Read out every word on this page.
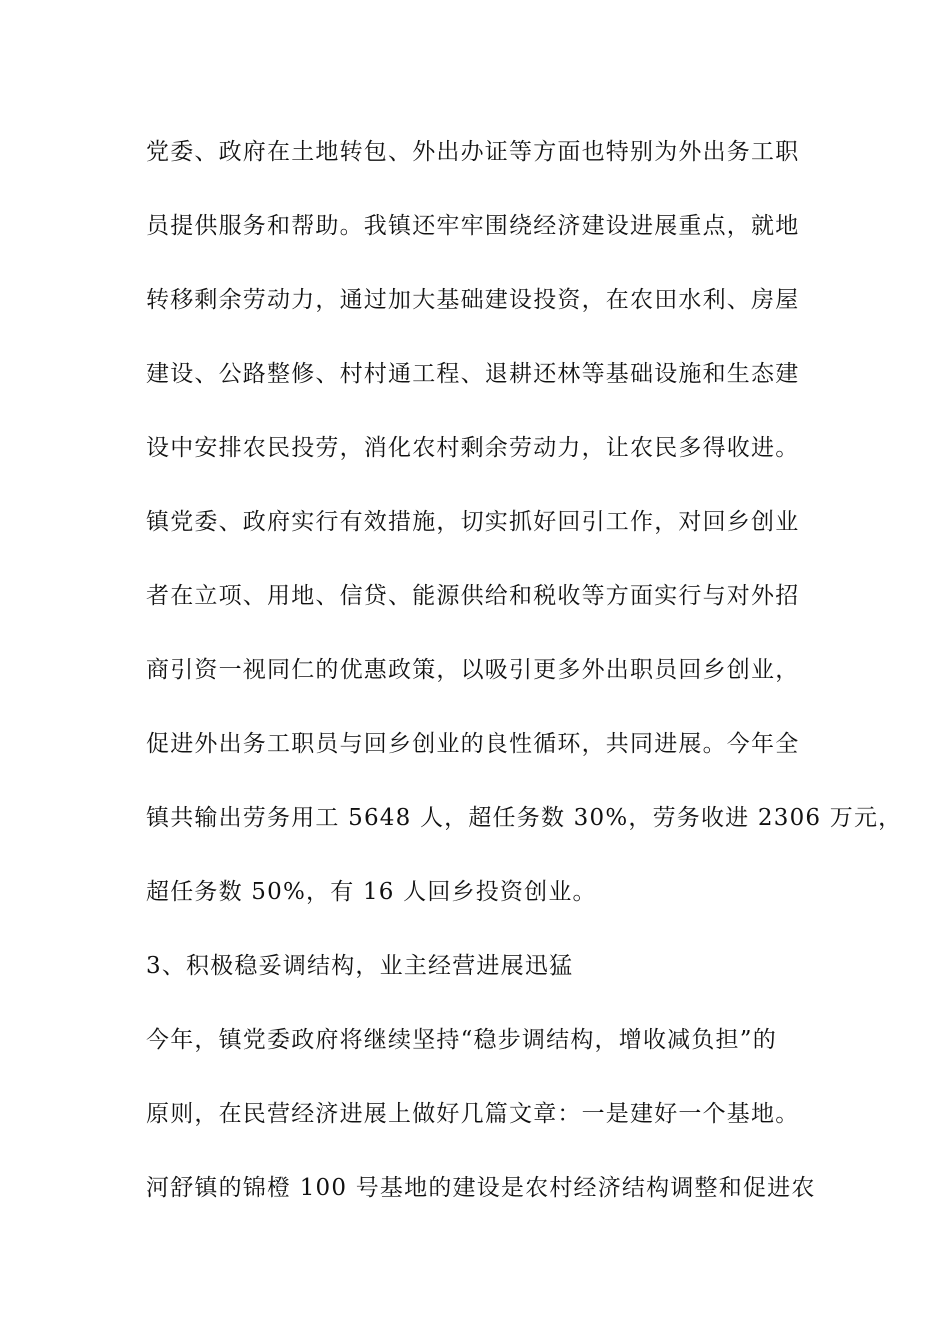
党委、政府在土地转包、外出办证等方面也特别为外出务工职
员提供服务和帮助。我镇还牢牢围绕经济建设进展重点，就地
转移剩余劳动力，通过加大基础建设投资，在农田水利、房屋
建设、公路整修、村村通工程、退耕还林等基础设施和生态建
设中安排农民投劳，消化农村剩余劳动力，让农民多得收进。
镇党委、政府实行有效措施，切实抓好回引工作，对回乡创业
者在立项、用地、信贷、能源供给和税收等方面实行与对外招
商引资一视同仁的优惠政策，以吸引更多外出职员回乡创业，
促进外出务工职员与回乡创业的良性循环，共同进展。今年全
镇共输出劳务用工 5648 人，超任务数 30%，劳务收进 2306 万元，
超任务数 50%，有 16 人回乡投资创业。
3、积极稳妥调结构，业主经营进展迅猛
今年，镇党委政府将继续坚持“稳步调结构，增收减负担”的
原则，在民营经济进展上做好几篇文章：一是建好一个基地。
河舒镇的锦橙 100 号基地的建设是农村经济结构调整和促进农
